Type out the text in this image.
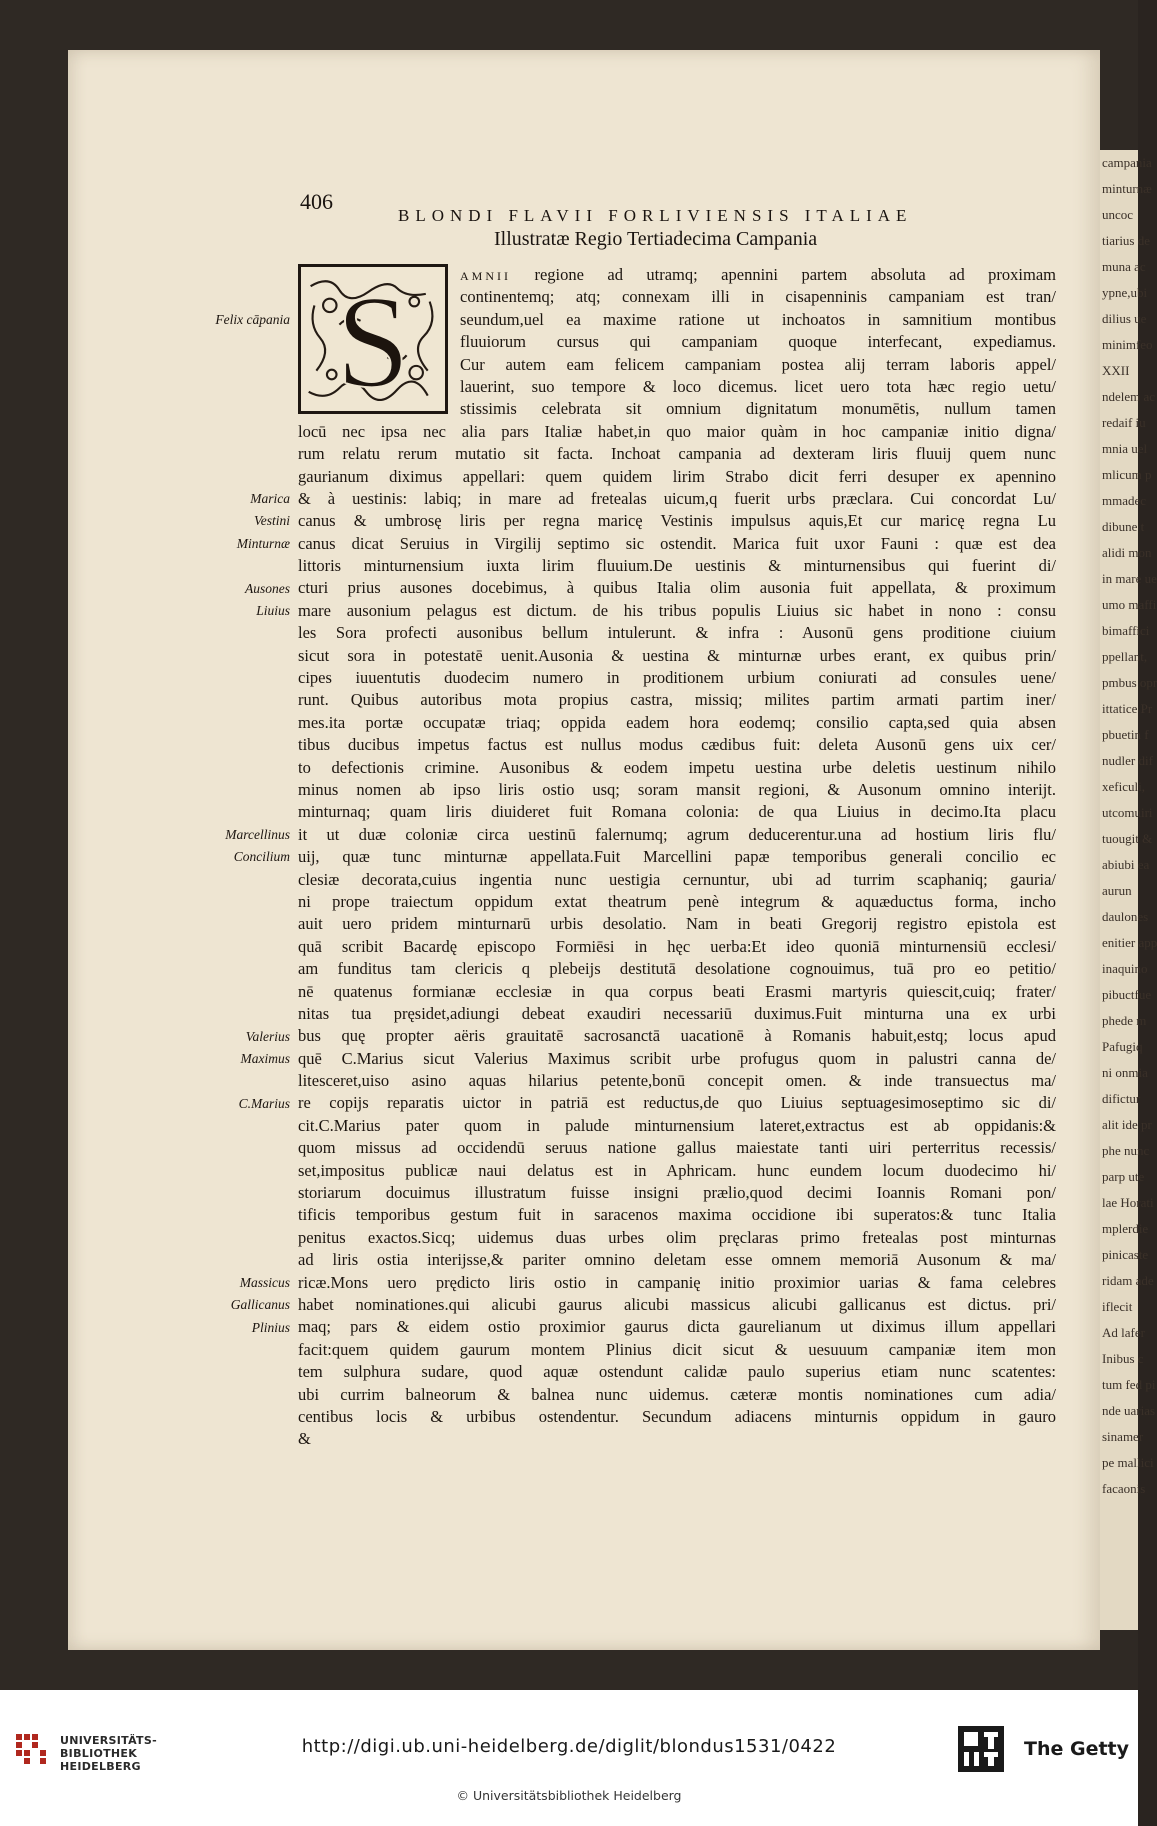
campania
minturnæ
uncoc
tiarius de
muna ac
ypne,ubi
dilius ue
minimfeo
XXII
ndelem ac
redaif iu
mnia uel
mlicum p
mmadec
dibune t
alidi mon
in mare ue
umo maffi
bimaffici
ppellant,
pmbus opr
ittatice Pr
pbuetin f
nudler dif
xeficuli,
utcomuiri
tuougit &
abiubi ea
aurun
daulones
enitier app
inaquino
pibuctfue
phede m
Pafugiq
ni onmia
difictur
alit ide pr
phe nunc
parp ute
lae Horati
mplerdie
pinicaste
ridam ade
iflecit
Ad lafer
Inibus c
tum fed pi
nde uarias
sinamer
pe mallici
facaonis
406
BLONDI FLAVII FORLIVIENSIS ITALIAE
Illustratæ Regio Tertiadecima Campania
S	amnii regione ad utramq; apennini partem absoluta ad proximam
continentemq; atq; connexam illi in cisapenninis campaniam est tran/
seundum,uel ea maxime ratione ut inchoatos in samnitium montibus
fluuiorum cursus qui campaniam quoque interfecant, expediamus.
Cur autem eam felicem campaniam postea alij terram laboris appel/
lauerint, suo tempore & loco dicemus. licet uero tota hæc regio uetu/
stissimis celebrata sit omnium dignitatum monumētis, nullum tamen
locū nec ipsa nec alia pars Italiæ habet,in quo maior quàm in hoc campaniæ initio digna/
rum relatu rerum mutatio sit facta. Inchoat campania ad dexteram liris fluuij quem nunc
gaurianum diximus appellari: quem quidem lirim Strabo dicit ferri desuper ex apennino
& à uestinis: labiq; in mare ad fretealas uicum,q fuerit urbs præclara. Cui concordat Lu/
canus & umbrosę liris per regna maricę Vestinis impulsus aquis,Et cur maricę regna Lu
canus dicat Seruius in Virgilij septimo sic ostendit. Marica fuit uxor Fauni : quæ est dea
littoris minturnensium iuxta lirim fluuium.De uestinis & minturnensibus qui fuerint di/
cturi prius ausones docebimus, à quibus Italia olim ausonia fuit appellata, & proximum
mare ausonium pelagus est dictum. de his tribus populis Liuius sic habet in nono : consu
les Sora profecti ausonibus bellum intulerunt. & infra : Ausonū gens proditione ciuium
sicut sora in potestatē uenit.Ausonia & uestina & minturnæ urbes erant, ex quibus prin/
cipes iuuentutis duodecim numero in proditionem urbium coniurati ad consules uene/
runt. Quibus autoribus mota propius castra, missiq; milites partim armati partim iner/
mes.ita portæ occupatæ triaq; oppida eadem hora eodemq; consilio capta,sed quia absen
tibus ducibus impetus factus est nullus modus cædibus fuit: deleta Ausonū gens uix cer/
to defectionis crimine. Ausonibus & eodem impetu uestina urbe deletis uestinum nihilo
minus nomen ab ipso liris ostio usq; soram mansit regioni, & Ausonum omnino interijt.
minturnaq; quam liris diuideret fuit Romana colonia: de qua Liuius in decimo.Ita placu
it ut duæ coloniæ circa uestinū falernumq; agrum deducerentur.una ad hostium liris flu/
uij, quæ tunc minturnæ appellata.Fuit Marcellini papæ temporibus generali concilio ec
clesiæ decorata,cuius ingentia nunc uestigia cernuntur, ubi ad turrim scaphaniq; gauria/
ni prope traiectum oppidum extat theatrum penè integrum & aquæductus forma, incho
auit uero pridem minturnarū urbis desolatio. Nam in beati Gregorij registro epistola est
quā scribit Bacardę episcopo Formiēsi in hęc uerba:Et ideo quoniā minturnensiū ecclesi/
am funditus tam clericis q plebeijs destitutā desolatione cognouimus, tuā pro eo petitio/
nē quatenus formianæ ecclesiæ in qua corpus beati Erasmi martyris quiescit,cuiq; frater/
nitas tua pręsidet,adiungi debeat exaudiri necessariū duximus.Fuit minturna una ex urbi
bus quę propter aëris grauitatē sacrosanctā uacationē à Romanis habuit,estq; locus apud
quē C.Marius sicut Valerius Maximus scribit urbe profugus quom in palustri canna de/
litesceret,uiso asino aquas hilarius petente,bonū concepit omen. & inde transuectus ma/
re copijs reparatis uictor in patriā est reductus,de quo Liuius septuagesimoseptimo sic di/
cit.C.Marius pater quom in palude minturnensium lateret,extractus est ab oppidanis:&
quom missus ad occidendū seruus natione gallus maiestate tanti uiri perterritus recessis/
set,impositus publicæ naui delatus est in Aphricam. hunc eundem locum duodecimo hi/
storiarum docuimus illustratum fuisse insigni prælio,quod decimi Ioannis Romani pon/
tificis temporibus gestum fuit in saracenos maxima occidione ibi superatos:& tunc Italia
penitus exactos.Sicq; uidemus duas urbes olim pręclaras primo fretealas post minturnas
ad liris ostia interijsse,& pariter omnino deletam esse omnem memoriā Ausonum & ma/
ricæ.Mons uero prędicto liris ostio in campanię initio proximior uarias & fama celebres
habet nominationes.qui alicubi gaurus alicubi massicus alicubi gallicanus est dictus. pri/
maq; pars & eidem ostio proximior gaurus dicta gaurelianum ut diximus illum appellari
facit:quem quidem gaurum montem Plinius dicit sicut & uesuuum campaniæ item mon
tem sulphura sudare, quod aquæ ostendunt calidæ paulo superius etiam nunc scatentes:
ubi currim balneorum & balnea nunc uidemus. cæteræ montis nominationes cum adia/
centibus locis & urbibus ostendentur. Secundum adiacens minturnis oppidum in gauro
&
Felix cāpania
Marica
Vestini
Minturnæ
Ausones
Liuius
Marcellinus
Concilium
Valerius
Maximus
C.Marius
Massicus
Gallicanus
Plinius
UNIVERSITÄTS-
BIBLIOTHEK
HEIDELBERG
http://digi.ub.uni-heidelberg.de/diglit/blondus1531/0422
© Universitätsbibliothek Heidelberg
The Getty
